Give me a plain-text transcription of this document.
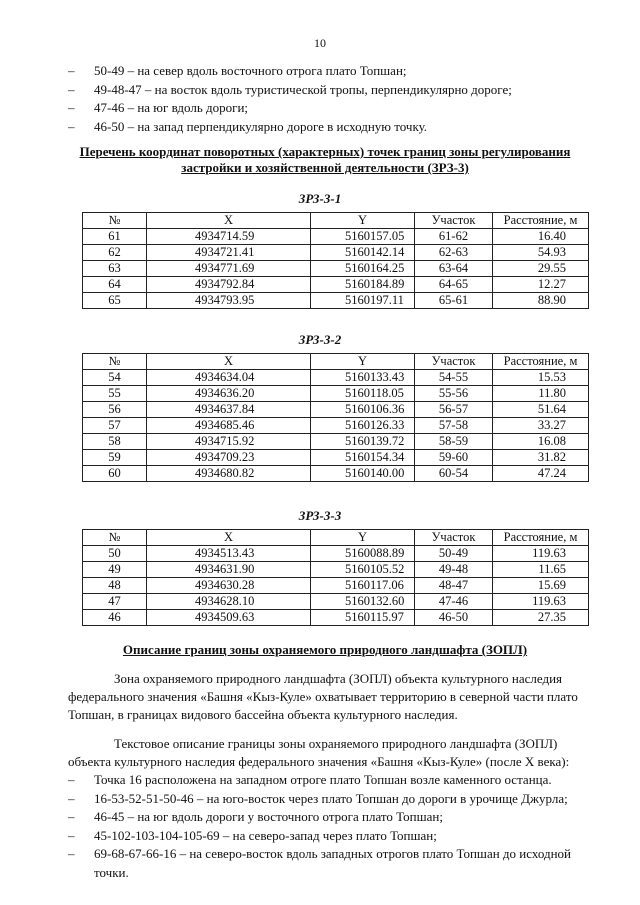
10
– 50-49 – на север вдоль восточного отрога плато Топшан;
– 49-48-47 – на восток вдоль туристической тропы, перпендикулярно дороге;
– 47-46 – на юг вдоль дороги;
– 46-50 – на запад перпендикулярно дороге в исходную точку.
Перечень координат поворотных (характерных) точек границ зоны регулирования застройки и хозяйственной деятельности (ЗРЗ-3)
ЗРЗ-3-1
№	X	Y	Участок	Расстояние, м
61	4934714.59	5160157.05	61-62	16.40
62	4934721.41	5160142.14	62-63	54.93
63	4934771.69	5160164.25	63-64	29.55
64	4934792.84	5160184.89	64-65	12.27
65	4934793.95	5160197.11	65-61	88.90
ЗРЗ-3-2
№	X	Y	Участок	Расстояние, м
54	4934634.04	5160133.43	54-55	15.53
55	4934636.20	5160118.05	55-56	11.80
56	4934637.84	5160106.36	56-57	51.64
57	4934685.46	5160126.33	57-58	33.27
58	4934715.92	5160139.72	58-59	16.08
59	4934709.23	5160154.34	59-60	31.82
60	4934680.82	5160140.00	60-54	47.24
ЗРЗ-3-3
№	X	Y	Участок	Расстояние, м
50	4934513.43	5160088.89	50-49	119.63
49	4934631.90	5160105.52	49-48	11.65
48	4934630.28	5160117.06	48-47	15.69
47	4934628.10	5160132.60	47-46	119.63
46	4934509.63	5160115.97	46-50	27.35
Описание границ зоны охраняемого природного ландшафта (ЗОПЛ)

Зона охраняемого природного ландшафта (ЗОПЛ) объекта культурного наследия федерального значения «Башня «Кыз-Куле» охватывает территорию в северной части плато Топшан, в границах видового бассейна объекта культурного наследия.

Текстовое описание границы зоны охраняемого природного ландшафта (ЗОПЛ) объекта культурного наследия федерального значения «Башня «Кыз-Куле» (после X века):

– Точка 16 расположена на западном отроге плато Топшан возле каменного останца.
– 16-53-52-51-50-46 – на юго-восток через плато Топшан до дороги в урочище Джурла;
– 46-45 – на юг вдоль дороги у восточного отрога плато Топшан;
– 45-102-103-104-105-69 – на северо-запад через плато Топшан;
– 69-68-67-66-16 – на северо-восток вдоль западных отрогов плато Топшан до исходной точки.
